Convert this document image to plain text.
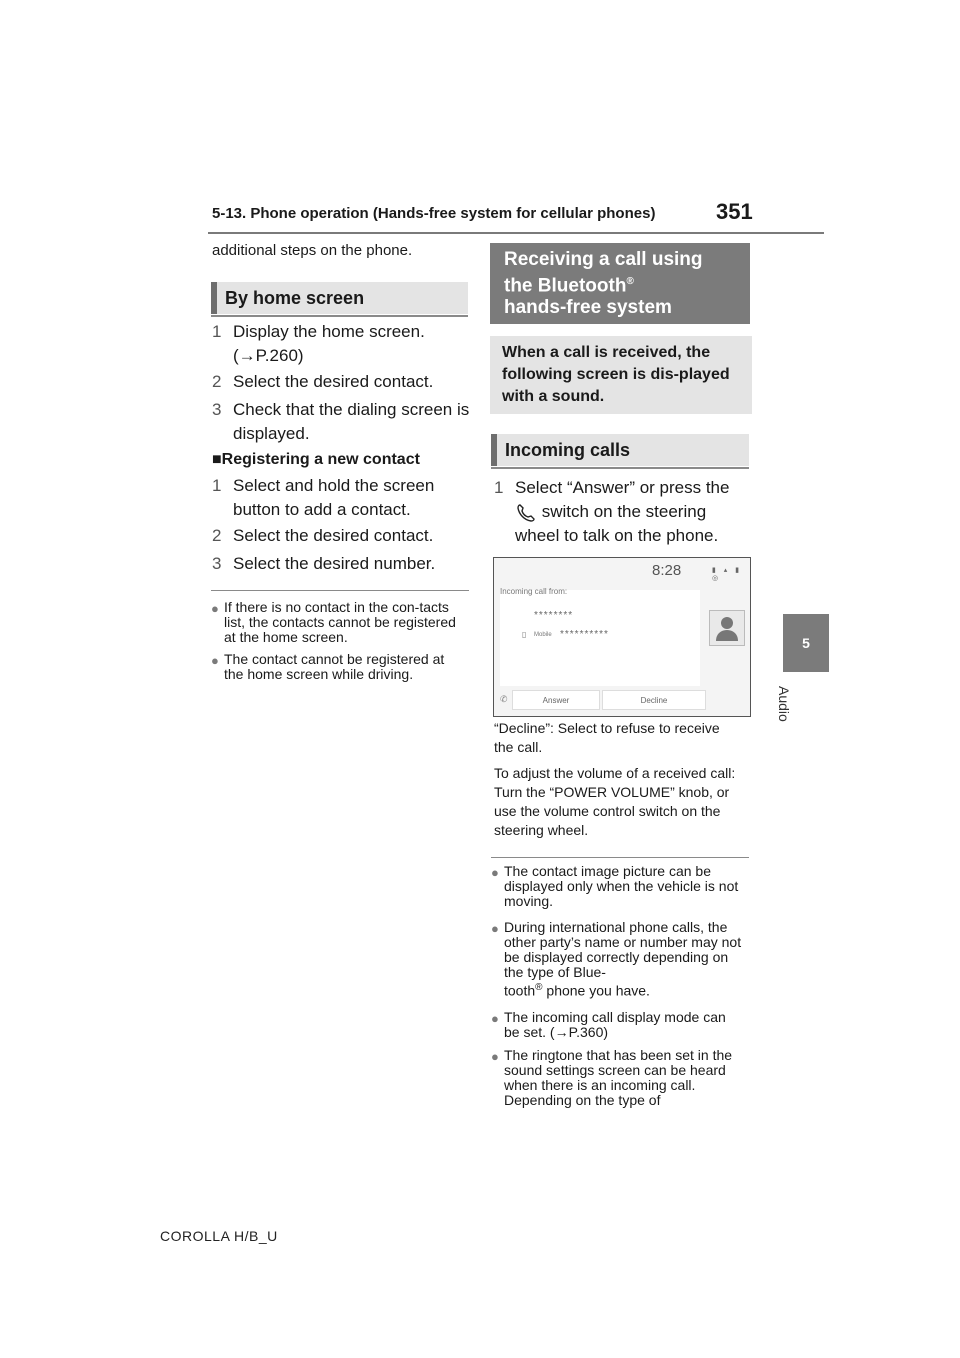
5-13. Phone operation (Hands-free system for cellular phones)	351
5
Audio
additional steps on the phone.
By home screen
1 Display the home screen.
(→P.260)
2 Select the desired contact.
3 Check that the dialing screen is displayed.
■Registering a new contact
1 Select and hold the screen button to add a contact.
2 Select the desired contact.
3 Select the desired number.
● If there is no contact in the con-tacts list, the contacts cannot be registered at the home screen.
● The contact cannot be registered at the home screen while driving.
Receiving a call using
the Bluetooth®
hands-free system
When a call is received, the following screen is dis-played with a sound.
Incoming calls
1 Select “Answer” or press the
switch on the steering
wheel to talk on the phone.
8:28	▮ ▴ ▮ ◎
Incoming call from:
********
▯ Mobile **********
✆	Answer	Decline
“Decline”: Select to refuse to receive the call.
To adjust the volume of a received call: Turn the “POWER VOLUME” knob, or use the volume control switch on the steering wheel.
● The contact image picture can be displayed only when the vehicle is not moving.
● During international phone calls, the other party’s name or number may not be displayed correctly depending on the type of Blue-
tooth® phone you have.
● The incoming call display mode can be set. (→P.360)
● The ringtone that has been set in the sound settings screen can be heard when there is an incoming call. Depending on the type of
COROLLA H/B_U
